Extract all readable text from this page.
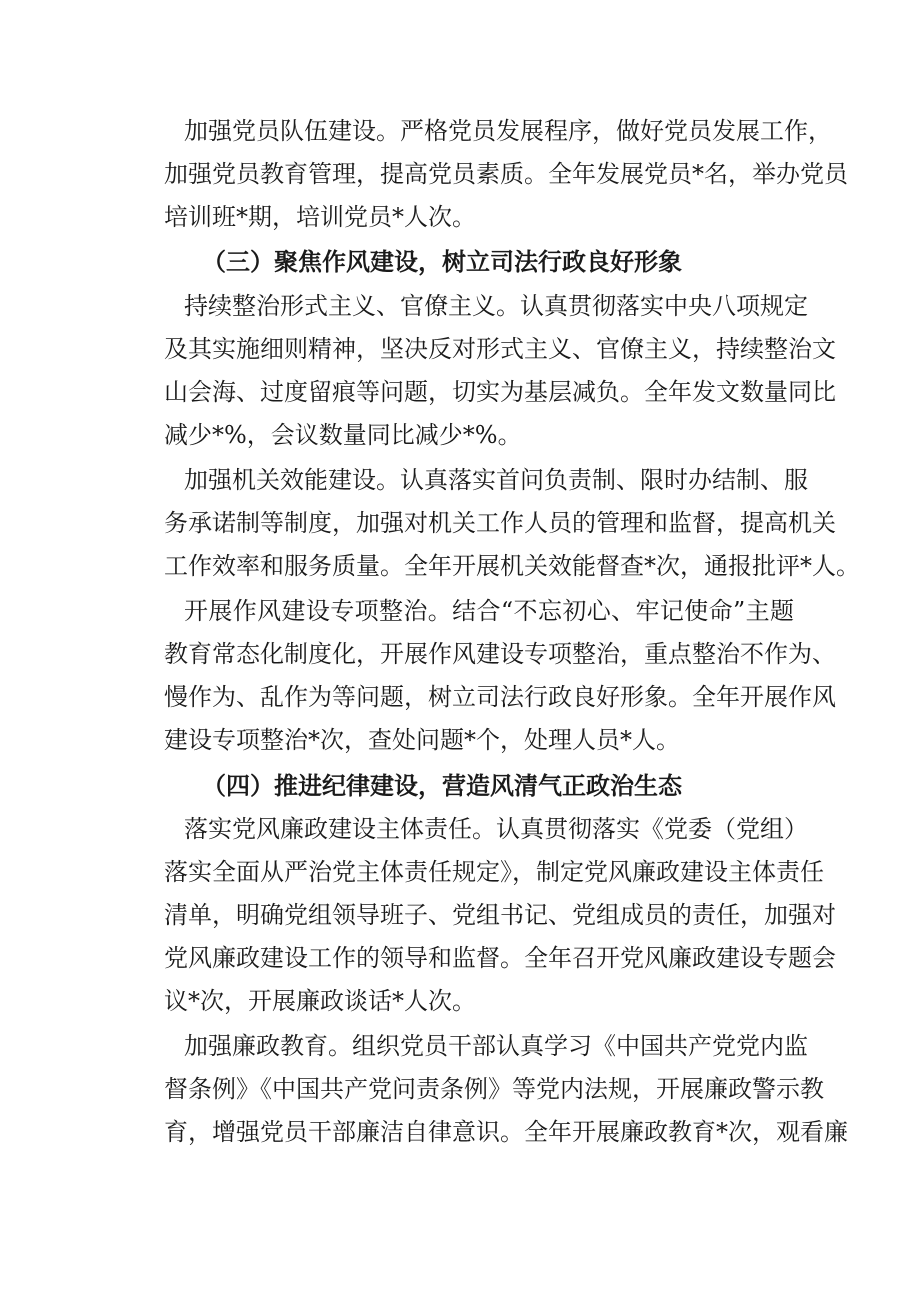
加强党员队伍建设。严格党员发展程序，做好党员发展工作，
加强党员教育管理，提高党员素质。全年发展党员*名，举办党员
培训班*期，培训党员*人次。
（三）聚焦作风建设，树立司法行政良好形象
持续整治形式主义、官僚主义。认真贯彻落实中央八项规定
及其实施细则精神，坚决反对形式主义、官僚主义，持续整治文
山会海、过度留痕等问题，切实为基层减负。全年发文数量同比
减少*%，会议数量同比减少*%。
加强机关效能建设。认真落实首问负责制、限时办结制、服
务承诺制等制度，加强对机关工作人员的管理和监督，提高机关
工作效率和服务质量。全年开展机关效能督查*次，通报批评*人。
开展作风建设专项整治。结合“不忘初心、牢记使命”主题
教育常态化制度化，开展作风建设专项整治，重点整治不作为、
慢作为、乱作为等问题，树立司法行政良好形象。全年开展作风
建设专项整治*次，查处问题*个，处理人员*人。
（四）推进纪律建设，营造风清气正政治生态
落实党风廉政建设主体责任。认真贯彻落实《党委（党组）
落实全面从严治党主体责任规定》，制定党风廉政建设主体责任
清单，明确党组领导班子、党组书记、党组成员的责任，加强对
党风廉政建设工作的领导和监督。全年召开党风廉政建设专题会
议*次，开展廉政谈话*人次。
加强廉政教育。组织党员干部认真学习《中国共产党党内监
督条例》《中国共产党问责条例》等党内法规，开展廉政警示教
育，增强党员干部廉洁自律意识。全年开展廉政教育*次，观看廉
